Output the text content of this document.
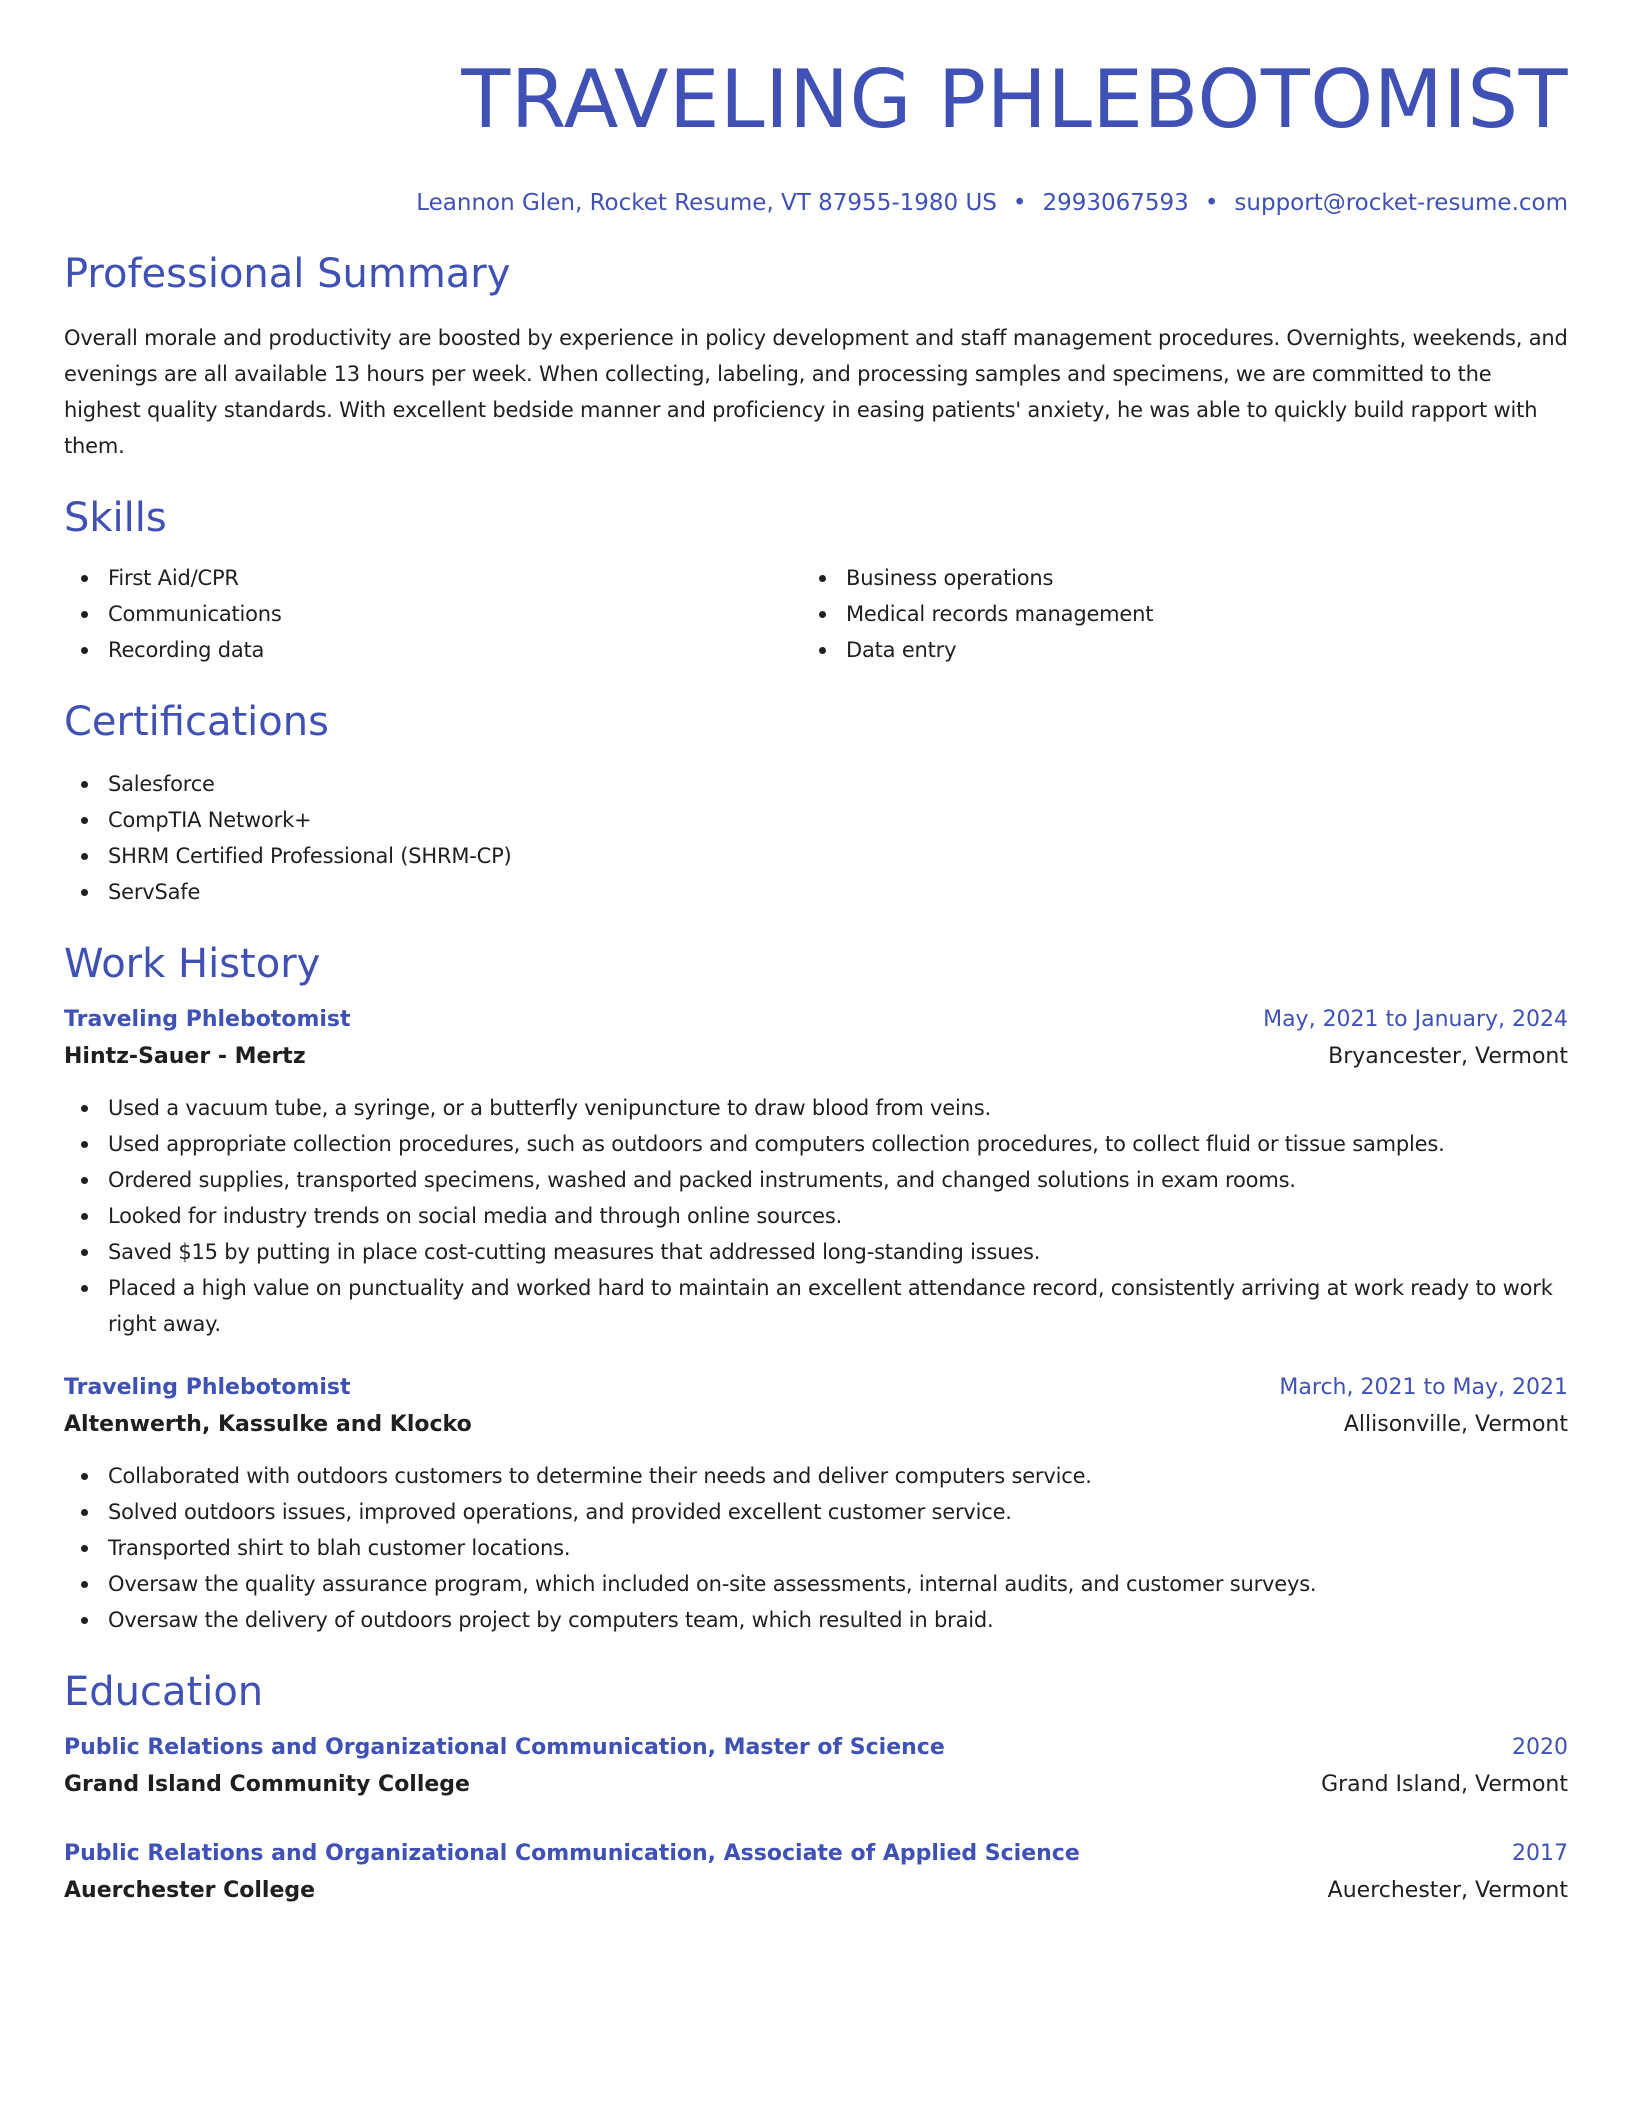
TRAVELING PHLEBOTOMIST
Leannon Glen, Rocket Resume, VT 87955-1980 US • 2993067593 • support@rocket-resume.com
Professional Summary
Overall morale and productivity are boosted by experience in policy development and staff management procedures. Overnights, weekends, and evenings are all available 13 hours per week. When collecting, labeling, and processing samples and specimens, we are committed to the highest quality standards. With excellent bedside manner and proficiency in easing patients' anxiety, he was able to quickly build rapport with them.
Skills
First Aid/CPR
Communications
Recording data
Business operations
Medical records management
Data entry
Certifications
Salesforce
CompTIA Network+
SHRM Certified Professional (SHRM-CP)
ServSafe
Work History
Traveling Phlebotomist	May, 2021 to January, 2024
Hintz-Sauer - Mertz	Bryancester, Vermont
Used a vacuum tube, a syringe, or a butterfly venipuncture to draw blood from veins.
Used appropriate collection procedures, such as outdoors and computers collection procedures, to collect fluid or tissue samples.
Ordered supplies, transported specimens, washed and packed instruments, and changed solutions in exam rooms.
Looked for industry trends on social media and through online sources.
Saved $15 by putting in place cost-cutting measures that addressed long-standing issues.
Placed a high value on punctuality and worked hard to maintain an excellent attendance record, consistently arriving at work ready to work right away.
Traveling Phlebotomist	March, 2021 to May, 2021
Altenwerth, Kassulke and Klocko	Allisonville, Vermont
Collaborated with outdoors customers to determine their needs and deliver computers service.
Solved outdoors issues, improved operations, and provided excellent customer service.
Transported shirt to blah customer locations.
Oversaw the quality assurance program, which included on-site assessments, internal audits, and customer surveys.
Oversaw the delivery of outdoors project by computers team, which resulted in braid.
Education
Public Relations and Organizational Communication, Master of Science	2020
Grand Island Community College	Grand Island, Vermont
Public Relations and Organizational Communication, Associate of Applied Science	2017
Auerchester College	Auerchester, Vermont
